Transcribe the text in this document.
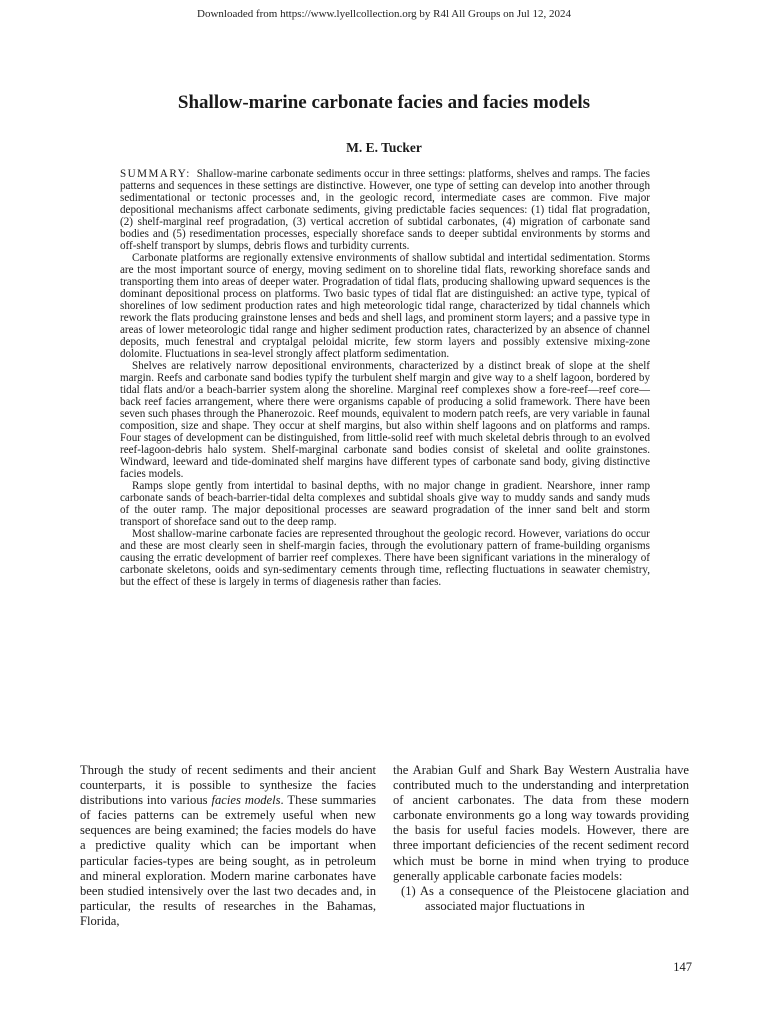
Downloaded from https://www.lyellcollection.org by R4l All Groups on Jul 12, 2024
Shallow-marine carbonate facies and facies models
M. E. Tucker

SUMMARY: Shallow-marine carbonate sediments occur in three settings: platforms, shelves and ramps. The facies patterns and sequences in these settings are distinctive. However, one type of setting can develop into another through sedimentational or tectonic processes and, in the geologic record, intermediate cases are common. Five major depositional mechanisms affect carbonate sediments, giving predictable facies sequences: (1) tidal flat progradation, (2) shelf-marginal reef progradation, (3) vertical accretion of subtidal carbonates, (4) migration of carbonate sand bodies and (5) resedimentation processes, especially shoreface sands to deeper subtidal environments by storms and off-shelf transport by slumps, debris flows and turbidity currents.

Carbonate platforms are regionally extensive environments of shallow subtidal and intertidal sedimentation. Storms are the most important source of energy, moving sediment on to shoreline tidal flats, reworking shoreface sands and transporting them into areas of deeper water. Progradation of tidal flats, producing shallowing upward sequences is the dominant depositional process on platforms. Two basic types of tidal flat are distinguished: an active type, typical of shorelines of low sediment production rates and high meteorologic tidal range, characterized by tidal channels which rework the flats producing grainstone lenses and beds and shell lags, and prominent storm layers; and a passive type in areas of lower meteorologic tidal range and higher sediment production rates, characterized by an absence of channel deposits, much fenestral and cryptalgal peloidal micrite, few storm layers and possibly extensive mixing-zone dolomite. Fluctuations in sea-level strongly affect platform sedimentation.

Shelves are relatively narrow depositional environments, characterized by a distinct break of slope at the shelf margin. Reefs and carbonate sand bodies typify the turbulent shelf margin and give way to a shelf lagoon, bordered by tidal flats and/or a beach-barrier system along the shoreline. Marginal reef complexes show a fore-reef—reef core—back reef facies arrangement, where there were organisms capable of producing a solid framework. There have been seven such phases through the Phanerozoic. Reef mounds, equivalent to modern patch reefs, are very variable in faunal composition, size and shape. They occur at shelf margins, but also within shelf lagoons and on platforms and ramps. Four stages of development can be distinguished, from little-solid reef with much skeletal debris through to an evolved reef-lagoon-debris halo system. Shelf-marginal carbonate sand bodies consist of skeletal and oolite grainstones. Windward, leeward and tide-dominated shelf margins have different types of carbonate sand body, giving distinctive facies models.

Ramps slope gently from intertidal to basinal depths, with no major change in gradient. Nearshore, inner ramp carbonate sands of beach-barrier-tidal delta complexes and subtidal shoals give way to muddy sands and sandy muds of the outer ramp. The major depositional processes are seaward progradation of the inner sand belt and storm transport of shoreface sand out to the deep ramp.

Most shallow-marine carbonate facies are represented throughout the geologic record. However, variations do occur and these are most clearly seen in shelf-margin facies, through the evolutionary pattern of frame-building organisms causing the erratic development of barrier reef complexes. There have been significant variations in the mineralogy of carbonate skeletons, ooids and syn-sedimentary cements through time, reflecting fluctuations in seawater chemistry, but the effect of these is largely in terms of diagenesis rather than facies.

Through the study of recent sediments and their ancient counterparts, it is possible to synthesize the facies distributions into various facies models. These summaries of facies patterns can be extremely useful when new sequences are being examined; the facies models do have a predictive quality which can be important when particular facies-types are being sought, as in petroleum and mineral exploration. Modern marine carbonates have been studied intensively over the last two decades and, in particular, the results of researches in the Bahamas, Florida,

the Arabian Gulf and Shark Bay Western Australia have contributed much to the understanding and interpretation of ancient carbonates. The data from these modern carbonate environments go a long way towards providing the basis for useful facies models. However, there are three important deficiencies of the recent sediment record which must be borne in mind when trying to produce generally applicable carbonate facies models:

(1) As a consequence of the Pleistocene glaciation and associated major fluctuations in

147
